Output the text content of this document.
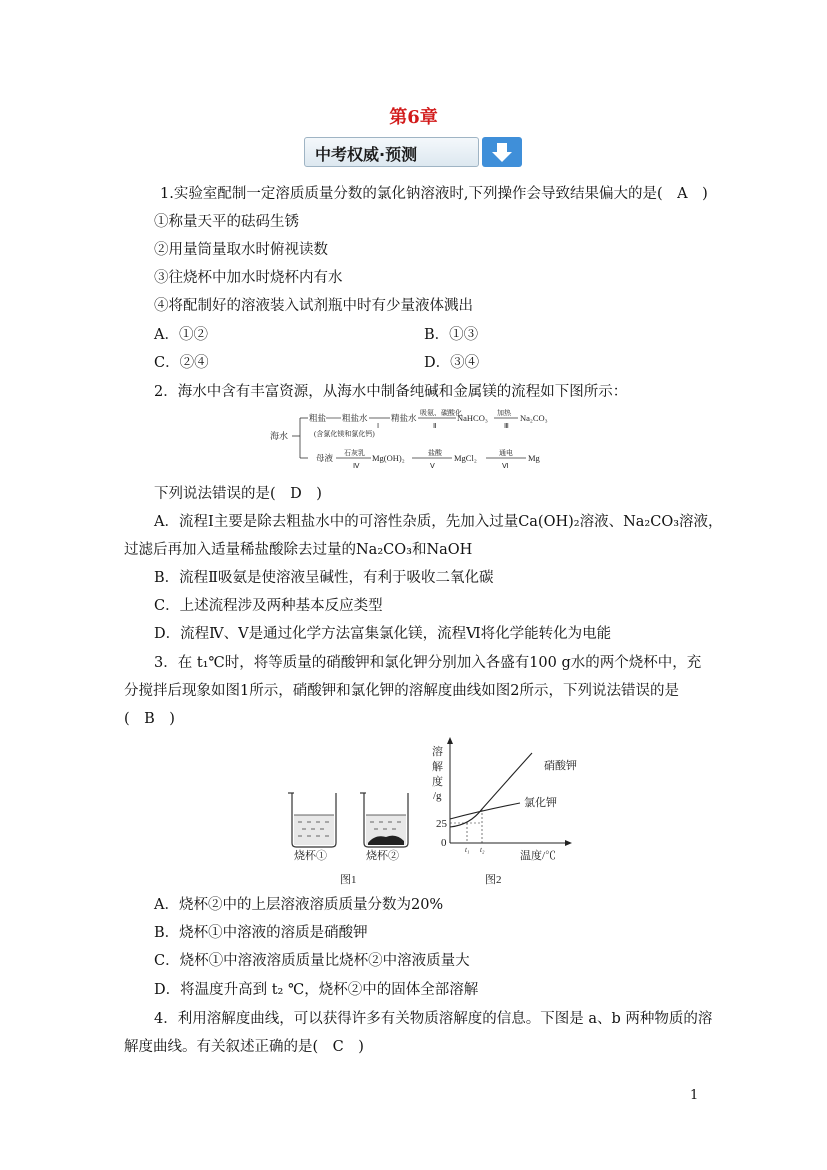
第6章
中考权威·预测
1.实验室配制一定溶质质量分数的氯化钠溶液时,下列操作会导致结果偏大的是(　A　)
①称量天平的砝码生锈
②用量筒量取水时俯视读数
③往烧杯中加水时烧杯内有水
④将配制好的溶液装入试剂瓶中时有少量液体溅出
A．①②	B．①③
C．②④	D．③④
2．海水中含有丰富资源，从海水中制备纯碱和金属镁的流程如下图所示：
海水
粗盐 粗盐水
Ⅰ
(含氯化镁和氯化钙)
精盐水 吸氨、碳酸化
Ⅱ
NaHCO₃ 加热
Ⅲ
Na₂CO₃
母液 石灰乳
Ⅳ
Mg(OH)₂	盐酸
Ⅴ
MgCl₂	通电
Ⅵ
Mg
下列说法错误的是(　D　)
A．流程Ⅰ主要是除去粗盐水中的可溶性杂质，先加入过量Ca(OH)₂溶液、Na₂CO₃溶液，
过滤后再加入适量稀盐酸除去过量的Na₂CO₃和NaOH
B．流程Ⅱ吸氨是使溶液呈碱性，有利于吸收二氧化碳
C．上述流程涉及两种基本反应类型
D．流程Ⅳ、Ⅴ是通过化学方法富集氯化镁，流程Ⅵ将化学能转化为电能
3．在 t₁℃时，将等质量的硝酸钾和氯化钾分别加入各盛有100 g水的两个烧杯中，充
分搅拌后现象如图1所示，硝酸钾和氯化钾的溶解度曲线如图2所示，下列说法错误的是
(　B　)
烧杯①	烧杯②
图1
溶
解
度
/g
25
0
硝酸钾
氯化钾
t₁ t₂	温度/℃
图2
A．烧杯②中的上层溶液溶质质量分数为20%
B．烧杯①中溶液的溶质是硝酸钾
C．烧杯①中溶液溶质质量比烧杯②中溶液质量大
D．将温度升高到 t₂ ℃，烧杯②中的固体全部溶解
4．利用溶解度曲线，可以获得许多有关物质溶解度的信息。下图是 a、b 两种物质的溶
解度曲线。有关叙述正确的是(　C　)
1
